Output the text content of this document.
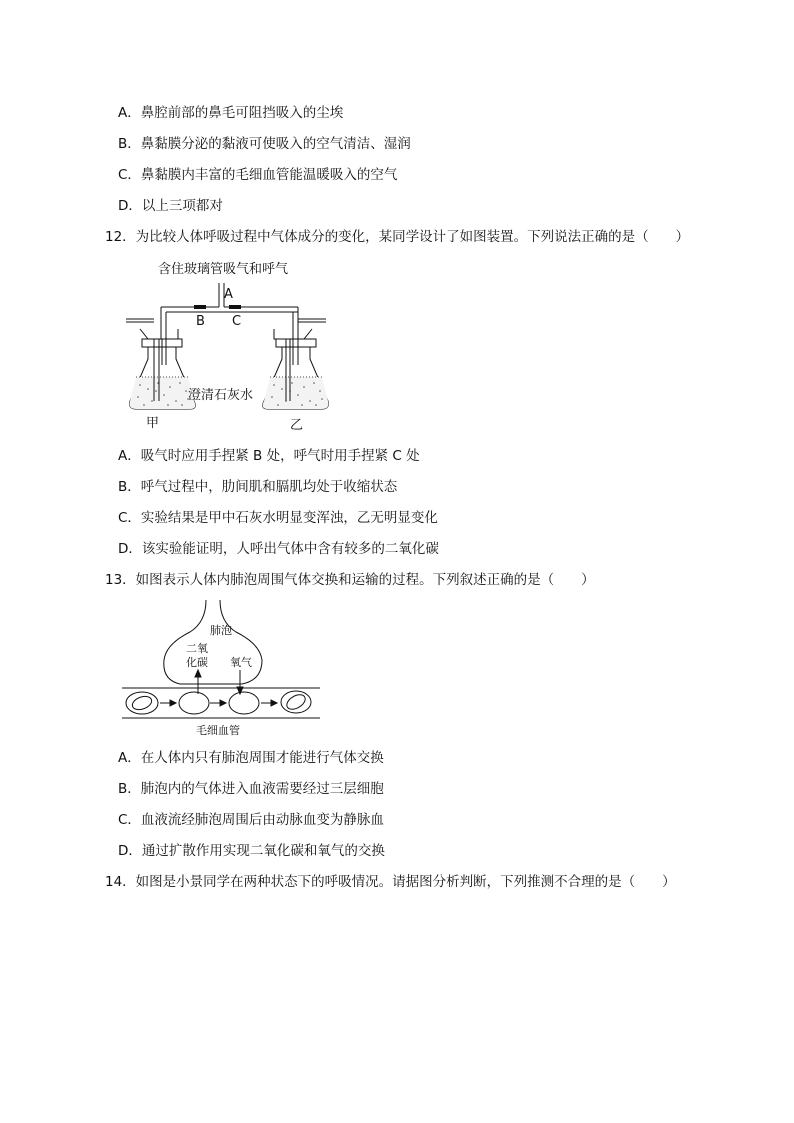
A．鼻腔前部的鼻毛可阻挡吸入的尘埃
B．鼻黏膜分泌的黏液可使吸入的空气清洁、湿润
C．鼻黏膜内丰富的毛细血管能温暖吸入的空气
D．以上三项都对
12．为比较人体呼吸过程中气体成分的变化，某同学设计了如图装置。下列说法正确的是（　　）
含住玻璃管吸气和呼气
A
B C
甲	乙
澄清石灰水
A．吸气时应用手捏紧 B 处，呼气时用手捏紧 C 处
B．呼气过程中，肋间肌和膈肌均处于收缩状态
C．实验结果是甲中石灰水明显变浑浊，乙无明显变化
D．该实验能证明，人呼出气体中含有较多的二氧化碳
13．如图表示人体内肺泡周围气体交换和运输的过程。下列叙述正确的是（　　）
肺泡
二氧
化碳 氧气
毛细血管
A．在人体内只有肺泡周围才能进行气体交换
B．肺泡内的气体进入血液需要经过三层细胞
C．血液流经肺泡周围后由动脉血变为静脉血
D．通过扩散作用实现二氧化碳和氧气的交换
14．如图是小景同学在两种状态下的呼吸情况。请据图分析判断，下列推测不合理的是（　　）
